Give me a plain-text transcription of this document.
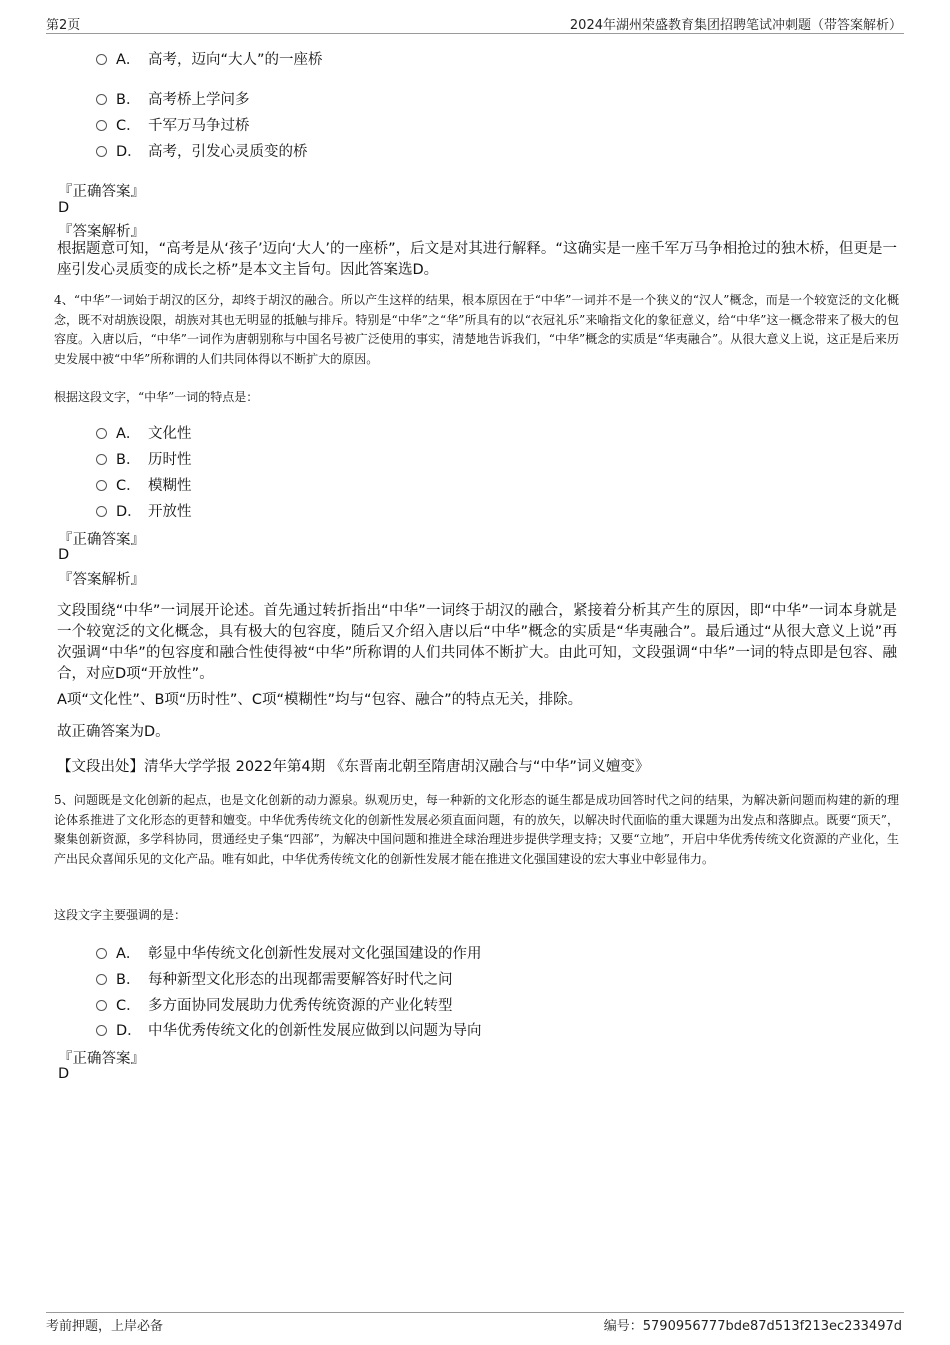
第2页	2024年湖州荣盛教育集团招聘笔试冲刺题（带答案解析）
A． 高考，迈向“大人”的一座桥
B． 高考桥上学问多
C． 千军万马争过桥
D． 高考，引发心灵质变的桥
『正确答案』
D
『答案解析』
根据题意可知，“高考是从‘孩子’迈向‘大人’的一座桥”，后文是对其进行解释。“这确实是一座千军万马争相抢过的独木桥，但更是一座引发心灵质变的成长之桥”是本文主旨句。因此答案选D。
4、“中华”一词始于胡汉的区分，却终于胡汉的融合。所以产生这样的结果，根本原因在于“中华”一词并不是一个狭义的“汉人”概念，而是一个较宽泛的文化概念，既不对胡族设限，胡族对其也无明显的抵触与排斥。特别是“中华”之“华”所具有的以“衣冠礼乐”来喻指文化的象征意义，给“中华”这一概念带来了极大的包容度。入唐以后，“中华”一词作为唐朝别称与中国名号被广泛使用的事实，清楚地告诉我们，“中华”概念的实质是“华夷融合”。从很大意义上说，这正是后来历史发展中被“中华”所称谓的人们共同体得以不断扩大的原因。
根据这段文字，“中华”一词的特点是：
A． 文化性
B． 历时性
C． 模糊性
D． 开放性
『正确答案』
D
『答案解析』
文段围绕“中华”一词展开论述。首先通过转折指出“中华”一词终于胡汉的融合，紧接着分析其产生的原因，即“中华”一词本身就是一个较宽泛的文化概念，具有极大的包容度，随后又介绍入唐以后“中华”概念的实质是“华夷融合”。最后通过“从很大意义上说”再次强调“中华”的包容度和融合性使得被“中华”所称谓的人们共同体不断扩大。由此可知，文段强调“中华”一词的特点即是包容、融合，对应D项“开放性”。
A项“文化性”、B项“历时性”、C项“模糊性”均与“包容、融合”的特点无关，排除。
故正确答案为D。
【文段出处】清华大学学报 2022年第4期 《东晋南北朝至隋唐胡汉融合与“中华”词义嬗变》
5、问题既是文化创新的起点，也是文化创新的动力源泉。纵观历史，每一种新的文化形态的诞生都是成功回答时代之问的结果，为解决新问题而构建的新的理论体系推进了文化形态的更替和嬗变。中华优秀传统文化的创新性发展必须直面问题，有的放矢，以解决时代面临的重大课题为出发点和落脚点。既要“顶天”，聚集创新资源，多学科协同，贯通经史子集“四部”，为解决中国问题和推进全球治理进步提供学理支持；又要“立地”，开启中华优秀传统文化资源的产业化，生产出民众喜闻乐见的文化产品。唯有如此，中华优秀传统文化的创新性发展才能在推进文化强国建设的宏大事业中彰显伟力。
这段文字主要强调的是：
A． 彰显中华传统文化创新性发展对文化强国建设的作用
B． 每种新型文化形态的出现都需要解答好时代之问
C． 多方面协同发展助力优秀传统资源的产业化转型
D． 中华优秀传统文化的创新性发展应做到以问题为导向
『正确答案』
D
考前押题，上岸必备	编号：5790956777bde87d513f213ec233497d
